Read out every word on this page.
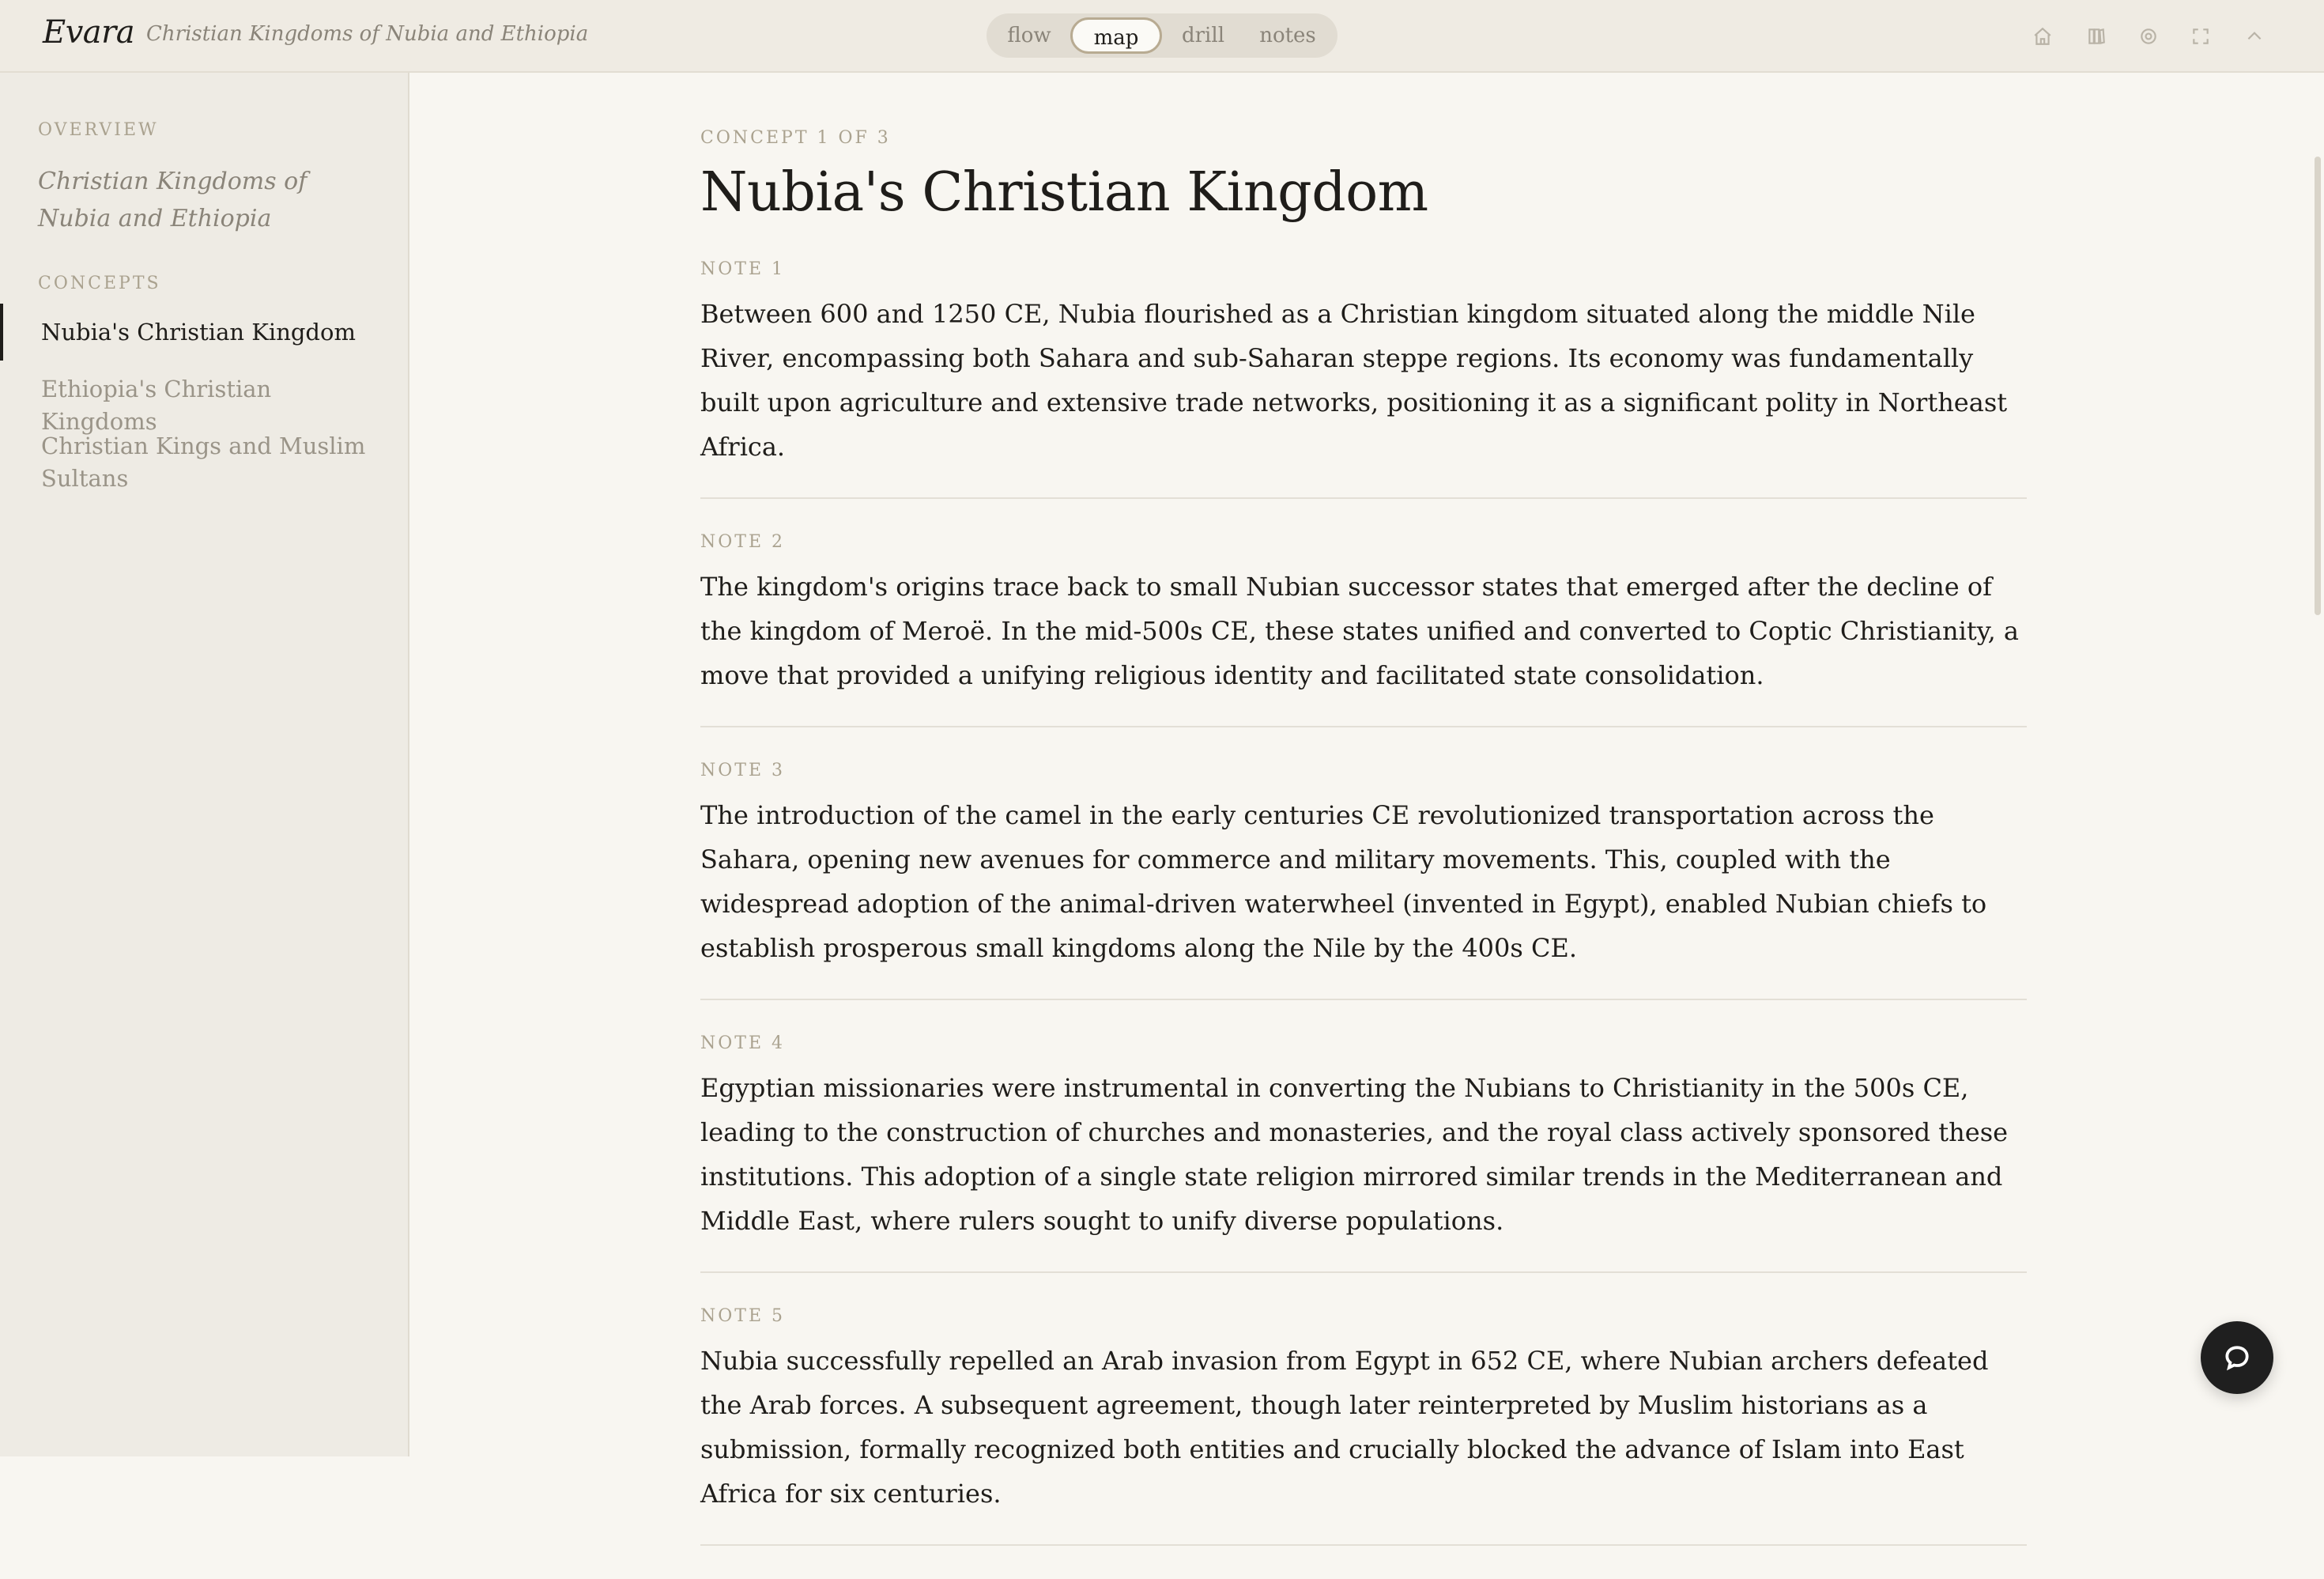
Evara Christian Kingdoms of Nubia and Ethiopia	flow	map	drill	notes
OVERVIEW
Christian Kingdoms of Nubia and Ethiopia
CONCEPTS
Nubia's Christian Kingdom
Ethiopia's Christian Kingdoms
Christian Kings and Muslim Sultans
CONCEPT 1 OF 3
Nubia's Christian Kingdom
NOTE 1
Between 600 and 1250 CE, Nubia flourished as a Christian kingdom situated along the middle Nile River, encompassing both Sahara and sub-Saharan steppe regions. Its economy was fundamentally built upon agriculture and extensive trade networks, positioning it as a significant polity in Northeast Africa.
NOTE 2
The kingdom's origins trace back to small Nubian successor states that emerged after the decline of the kingdom of Meroë. In the mid-500s CE, these states unified and converted to Coptic Christianity, a move that provided a unifying religious identity and facilitated state consolidation.
NOTE 3
The introduction of the camel in the early centuries CE revolutionized transportation across the Sahara, opening new avenues for commerce and military movements. This, coupled with the widespread adoption of the animal-driven waterwheel (invented in Egypt), enabled Nubian chiefs to establish prosperous small kingdoms along the Nile by the 400s CE.
NOTE 4
Egyptian missionaries were instrumental in converting the Nubians to Christianity in the 500s CE, leading to the construction of churches and monasteries, and the royal class actively sponsored these institutions. This adoption of a single state religion mirrored similar trends in the Mediterranean and Middle East, where rulers sought to unify diverse populations.
NOTE 5
Nubia successfully repelled an Arab invasion from Egypt in 652 CE, where Nubian archers defeated the Arab forces. A subsequent agreement, though later reinterpreted by Muslim historians as a submission, formally recognized both entities and crucially blocked the advance of Islam into East Africa for six centuries.
